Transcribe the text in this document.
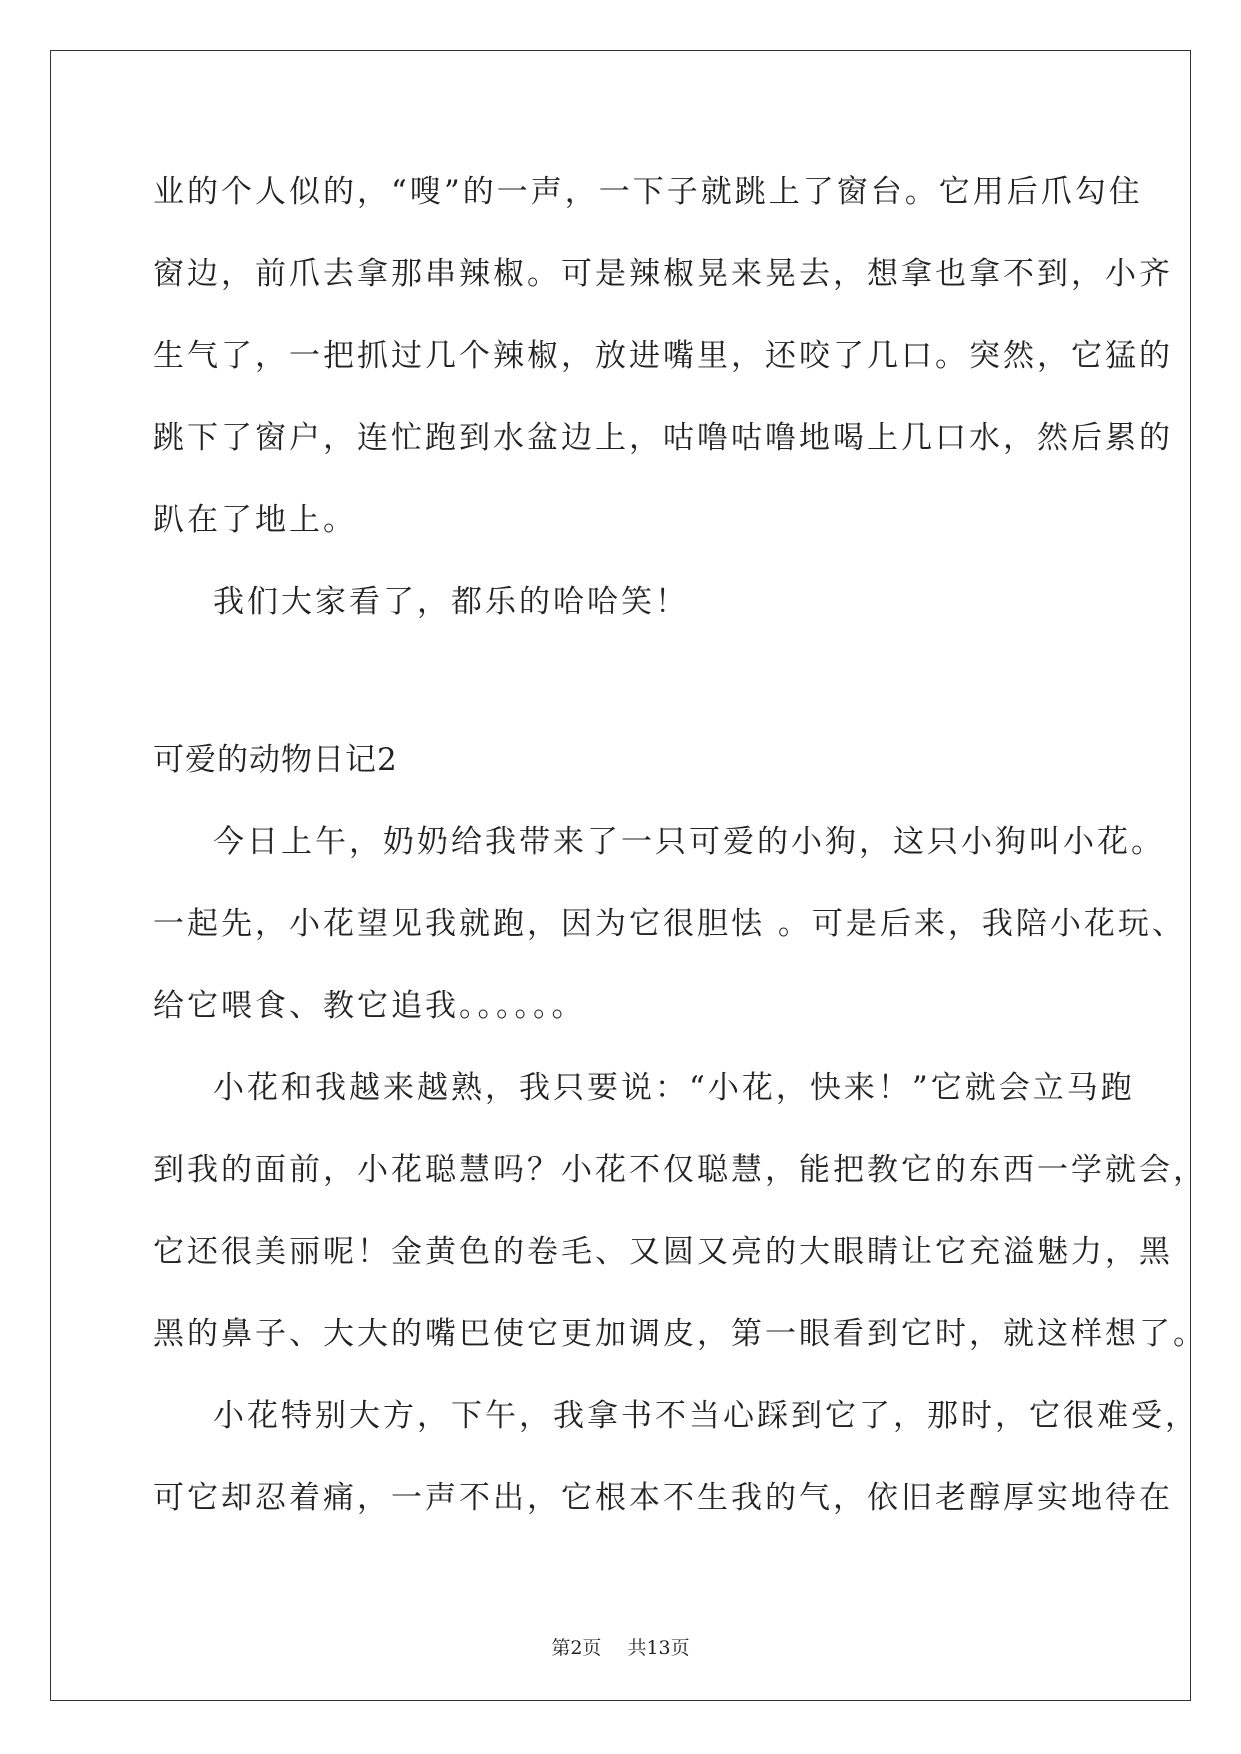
业的个人似的，“嗖”的一声，一下子就跳上了窗台。它用后爪勾住
窗边，前爪去拿那串辣椒。可是辣椒晃来晃去，想拿也拿不到，小齐
生气了，一把抓过几个辣椒，放进嘴里，还咬了几口。突然，它猛的
跳下了窗户，连忙跑到水盆边上，咕噜咕噜地喝上几口水，然后累的
趴在了地上。
我们大家看了，都乐的哈哈笑！
可爱的动物日记2
今日上午，奶奶给我带来了一只可爱的小狗，这只小狗叫小花。
一起先，小花望见我就跑，因为它很胆怯 。可是后来，我陪小花玩、
给它喂食、教它追我。。。。。。
小花和我越来越熟，我只要说：“小花，快来！”它就会立马跑
到我的面前，小花聪慧吗？小花不仅聪慧，能把教它的东西一学就会，
它还很美丽呢！金黄色的卷毛、又圆又亮的大眼睛让它充溢魅力，黑
黑的鼻子、大大的嘴巴使它更加调皮，第一眼看到它时，就这样想了。
小花特别大方，下午，我拿书不当心踩到它了，那时，它很难受，
可它却忍着痛，一声不出，它根本不生我的气，依旧老醇厚实地待在
第2页 共13页
